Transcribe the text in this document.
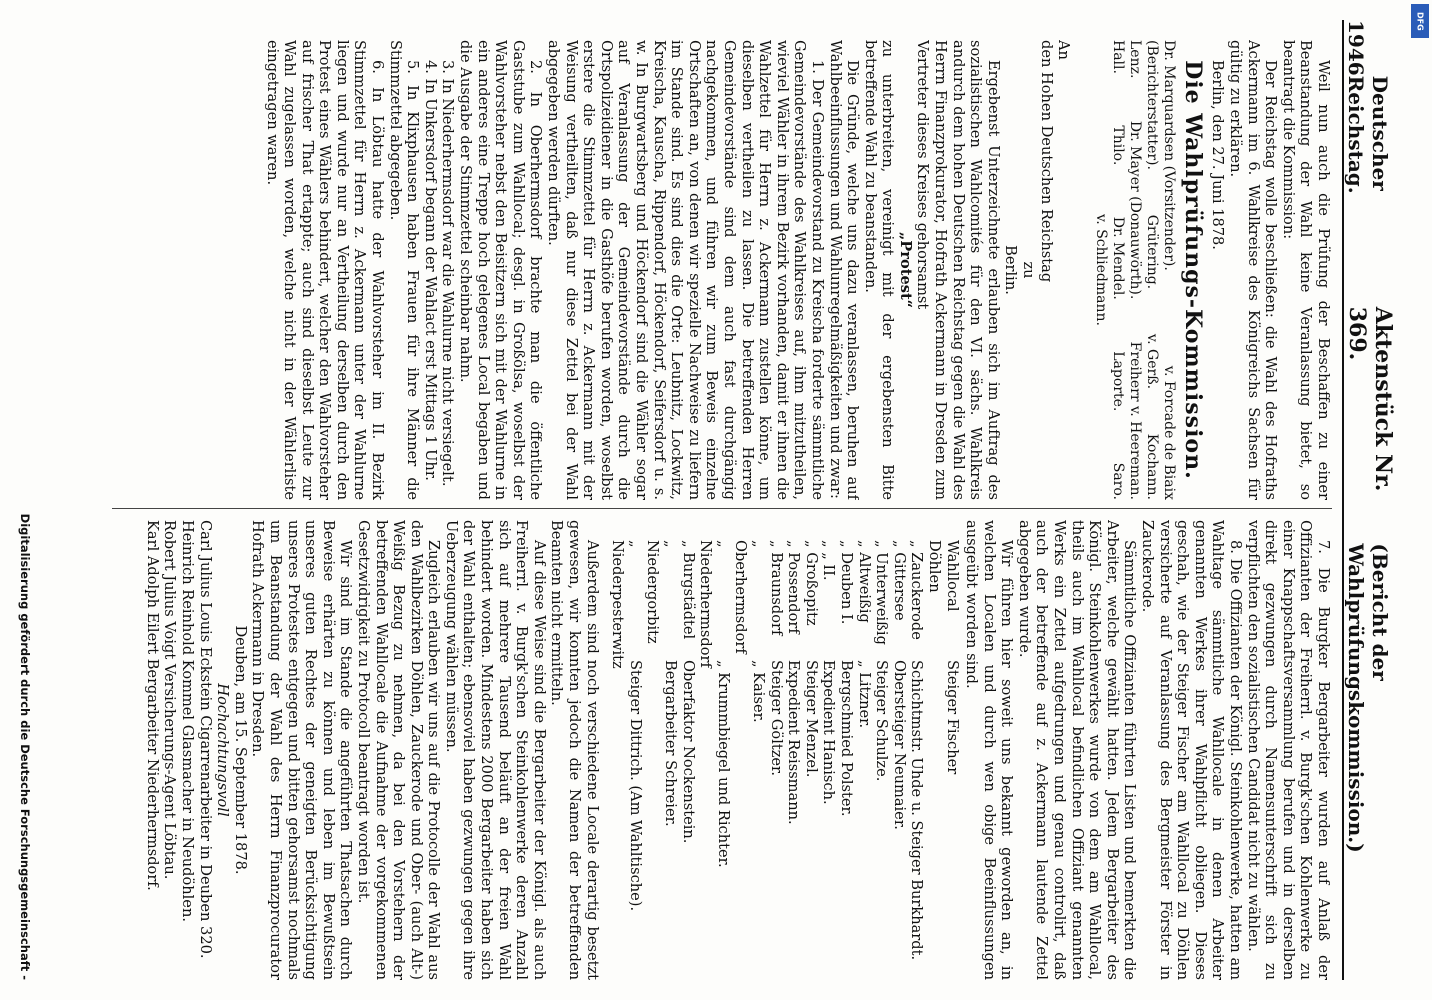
1946
Deutscher Reichstag.
Aktenstück Nr. 369.
(Bericht der Wahlprüfungskommission.)

Weil nun auch die Prüfung der Beschaffen zu einer Beanstandung der Wahl keine Veranlassung bietet, so beantragt die Kommission:

Der Reichstag wolle beschließen: die Wahl des Hofraths Ackermann im 6. Wahlkreise des Königreichs Sachsen für gültig zu erklären.

Berlin, den 27. Juni 1878.

Die Wahlprüfungs-Kommission.
Dr. Marquardsen (Vorsitzender).
v. Forcade de Biaix
(Berichterstatter).
Grütering.
v. Gerß.
Kochann.
Lenz.
Dr. Mayer (Donauwörth).
Freiherr v. Heereman.
Hall.
Thilo.
Dr. Mendel.
Laporte.
Saro.
v. Schliedmann.

An

den Hohen Deutschen Reichstag

zu

Berlin.

Ergebenst Unterzeichnete erlauben sich im Auftrag des sozialistischen Wahlcomités für den VI. sächs. Wahlkreis andurch dem hohen Deutschen Reichstag gegen die Wahl des Herrn Finanzprokurator, Hofrath Ackermann in Dresden zum Vertreter dieses Kreises gehorsamst

„Protest“

zu unterbreiten, vereinigt mit der ergebensten Bitte betreffende Wahl zu beanstanden.

Die Gründe, welche uns dazu veranlassen, beruhen auf Wahlbeeinflussungen und Wahlunregelmäßigkeiten und zwar:

1. Der Gemeindevorstand zu Kreischa forderte sämmtliche Gemeindevorstände des Wahlkreises auf, ihm mitzutheilen, wieviel Wähler in ihrem Bezirk vorhanden, damit er ihnen die Wahlzettel für Herrn z. Ackermann zustellen könne, um dieselben vertheilen zu lassen. Die betreffenden Herren Gemeindevorstände sind dem auch fast durchgängig nachgekommen, und führen wir zum Beweis einzelne Ortschaften an, von denen wir spezielle Nachweise zu liefern im Stande sind. Es sind dies die Orte: Leubnitz, Lockwitz, Kreischa, Kauscha, Rippendorf, Höckendorf, Seifersdorf u. s. w. In Burgwartsberg und Höckendorf sind die Wähler sogar auf Veranlassung der Gemeindevorstände durch die Ortspolizeidiener in die Gasthöfe berufen worden, woselbst erstere die Stimmzettel für Herrn z. Ackermann mit der Weisung vertheilten, daß nur diese Zettel bei der Wahl abgegeben werden dürften.

2. In Oberhermsdorf brachte man die öffentliche Gaststube zum Wahllocal; desgl. in Großölsa, woselbst der Wahlvorsteher nebst den Beisitzern sich mit der Wahlurne in ein anderes eine Treppe hoch gelegenes Local begaben und die Ausgabe der Stimmzettel scheinbar nahm.

3. In Niederhermsdorf war die Wahlurne nicht versiegelt.

4. In Unkersdorf begann der Wahlact erst Mittags 1 Uhr.

5. In Klixphausen haben Frauen für ihre Männer die Stimmzettel abgegeben.

6. In Löbtau hatte der Wahlvorsteher im II. Bezirk Stimmzettel für Herrn z. Ackermann unter der Wahlurne liegen und wurde nur an Vertheilung derselben durch den Protest eines Wählers behindert, welcher den Wahlvorsteher auf frischer That ertappte; auch sind dieselbst Leute zur Wahl zugelassen worden, welche nicht in der Wählerliste eingetragen waren.

7. Die Burgker Bergarbeiter wurden auf Anlaß der Offizianten der Freiherrl. v. Burgk'schen Kohlenwerke zu einer Knappschaftsversammlung berufen und in derselben direkt gezwungen durch Namensunterschrift sich zu verpflichten den sozialistischen Candidat nicht zu wählen.

8. Die Offizianten der Königl. Steinkohlenwerke, hatten am Wahltage sämmtliche Wahllocale in denen Arbeiter genannten Werkes ihrer Wahlpflicht obliegen. Dieses geschah, wie der Steiger Fischer am Wahllocal zu Döhlen versicherte auf Veranlassung des Bergmeister Förster in Zauckerode.

Sämmtliche Offizianten führten Listen und bemerkten die Arbeiter, welche gewählt hatten. Jedem Bergarbeiter des Königl. Steinkohlenwerkes wurde von dem am Wahllocal, theils auch im Wahllocal befindlichen Offiziant genannten Werks ein Zettel aufgedrungen und genau controlirt, daß auch der betreffende auf z. Ackermann lautende Zettel abgegeben wurde.

Wir führen hier soweit uns bekannt geworden an, in welchen Localen und durch wen obige Beeinflussungen ausgeübt worden sind.

Wahllocal Döhlen
Steiger Fischer
„ Zauckerode
Schichtmstr. Uhde u. Steiger Burkhardt.
„ Gittersee
Obersteiger Neumaier.
„ Unterweißig
Steiger Schulze.
„ Altweißig
„ Litzner.
„ Deuben I.
Bergschmied Polster.
„ „ II.
Expedient Hanisch.
„ Großopitz
Steiger Menzel.
„ Possendorf
Expedient Reissmann.
„ Braunsdorf
Steiger Göltzer.
„ Oberhermsdorf
„ Kaiser.
„ Niederhermsdorf
„ Krummbiegel und Richter.
„ Burgstädtel
Oberfaktor Nockenstein.
„ Niedergorbitz
Bergarbeiter Schreier.
„ Niederpesterwitz
Steiger Dittrich. (Am Wahltische).

Außerdem sind noch verschiedene Locale derartig besetzt gewesen, wir konnten jedoch die Namen der betreffenden Beamten nicht ermitteln.

Auf diese Weise sind die Bergarbeiter der Königl. als auch Freiherrl. v. Burgk'schen Steinkohlenwerke deren Anzahl sich auf mehrere Tausend beläuft an der freien Wahl behindert worden. Mindestens 2000 Bergarbeiter haben sich der Wahl enthalten; ebensoviel haben gezwungen gegen ihre Ueberzeugung wählen müssen.

Zugleich erlauben wir uns auf die Protocolle der Wahl aus den Wahlbezirken Döhlen, Zauckerode und Ober- (auch Alt-) Weißig Bezug zu nehmen, da bei den Vorstehern der betreffenden Wahllocale die Aufnahme der vorgekommenen Gesetzwidrigkeit zu Protocoll beantragt worden ist.

Wir sind im Stande die angeführten Thatsachen durch Beweise erhärten zu können und leben im Bewußtsein unseres guten Rechtes der geneigten Berücksichtigung unseres Protestes entgegen und bitten gehorsamst nochmals um Beanstandung der Wahl des Herrn Finanzprocurator Hofrath Ackermann in Dresden.

Deuben, am 15. September 1878.

Hochachtungsvoll

Carl Julius Louis Eckstein Cigarrenarbeiter in Deuben 320.

Heinrich Reinhold Kommel Glasmacher in Neudöhlen.

Robert Julius Voigt Versicherungs-Agent Löbtau.

Karl Adolph Eilert Bergarbeiter Niederhermsdorf.

Digitalisierung gefördert durch die Deutsche Forschungsgemeinschaft -
DFG
